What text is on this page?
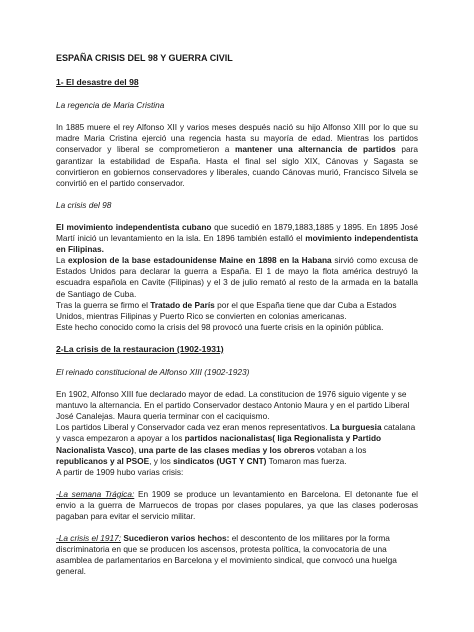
ESPAÑA CRISIS DEL 98 Y GUERRA CIVIL
1- El desastre del 98
La regencia de Maria Cristina

In 1885 muere el rey Alfonso XII y varios meses después nació su hijo Alfonso XIII por lo que su madre Maria Cristina ejerció una regencia hasta su mayoría de edad. Mientras los partidos conservador y liberal se comprometieron a mantener una alternancia de partidos para garantizar la estabilidad de España. Hasta el final sel siglo XIX, Cánovas y Sagasta se convirtieron en gobiernos conservadores y liberales, cuando Cánovas murió, Francisco Silvela se convirtió en el partido conservador.

La crisis del 98

El movimiento independentista cubano que sucedió en 1879,1883,1885 y 1895. En 1895 José Martí inició un levantamiento en la isla. En 1896 también estalló el movimiento independentista en Filipinas.

La explosion de la base estadounidense Maine en 1898 en la Habana sirvió como excusa de Estados Unidos para declarar la guerra a España. El 1 de mayo la flota américa destruyó la escuadra española en Cavite (Filipinas) y el 3 de julio remató al resto de la armada en la batalla de Santiago de Cuba.

Tras la guerra se firmo el Tratado de París por el que España tiene que dar Cuba a Estados Unidos, mientras Filipinas y Puerto Rico se convierten en colonias americanas.

Este hecho conocido como la crisis del 98 provocó una fuerte crisis en la opinión pública.

2-La crisis de la restauracion (1902-1931)
El reinado constitucional de Alfonso XIII (1902-1923)

En 1902, Alfonso XIII fue declarado mayor de edad. La constitucion de 1976 siguio vigente y se mantuvo la alternancia. En el partido Conservador destaco Antonio Maura y en el partido Liberal José Canalejas. Maura queria terminar con el caciquismo.

Los partidos Liberal y Conservador cada vez eran menos representativos. La burguesia catalana y vasca empezaron a apoyar a los partidos nacionalistas( liga Regionalista y Partido Nacionalista Vasco), una parte de las clases medias y los obreros votaban a los republicanos y al PSOE, y los sindicatos (UGT Y CNT) Tomaron mas fuerza.

A partir de 1909 hubo varias crisis:

-La semana Trágica: En 1909 se produce un levantamiento en Barcelona. El detonante fue el envio a la guerra de Marruecos de tropas por clases populares, ya que las clases poderosas pagaban para evitar el servicio militar.

-La crisis el 1917: Sucedieron varios hechos: el descontento de los militares por la forma discriminatoria en que se producen los ascensos, protesta política, la convocatoria de una asamblea de parlamentarios en Barcelona y el movimiento sindical, que convocó una huelga general.
